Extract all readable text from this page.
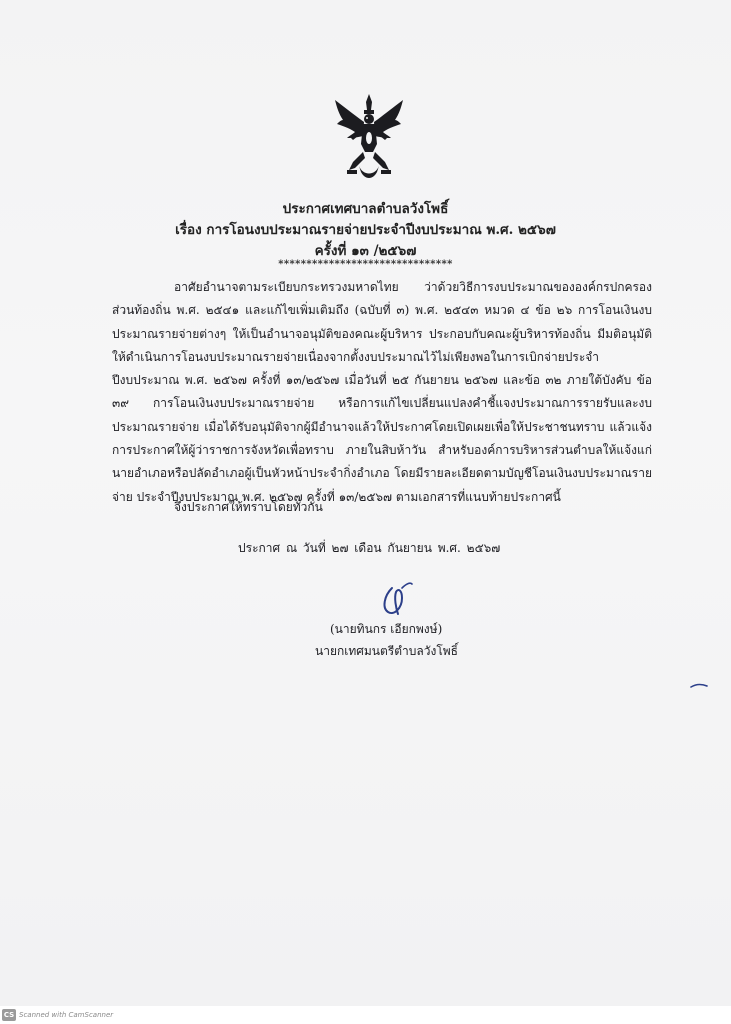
ประกาศเทศบาลตำบลวังโพธิ์
เรื่อง การโอนงบประมาณรายจ่ายประจำปีงบประมาณ พ.ศ. ๒๕๖๗
ครั้งที่ ๑๓ /๒๕๖๗
*******************************
อาศัยอำนาจตามระเบียบกระทรวงมหาดไทย ว่าด้วยวิธีการงบประมาณขององค์กรปกครองส่วนท้องถิ่น พ.ศ. ๒๕๔๑ และแก้ไขเพิ่มเติมถึง (ฉบับที่ ๓) พ.ศ. ๒๕๔๓ หมวด ๔ ข้อ ๒๖ การโอนเงินงบประมาณรายจ่ายต่างๆ ให้เป็นอำนาจอนุมัติของคณะผู้บริหาร ประกอบกับคณะผู้บริหารท้องถิ่น มีมติอนุมัติให้ดำเนินการโอนงบประมาณรายจ่ายเนื่องจากตั้งงบประมาณไว้ไม่เพียงพอในการเบิกจ่ายประจำปีงบประมาณ พ.ศ. ๒๕๖๗ ครั้งที่ ๑๓/๒๕๖๗ เมื่อวันที่ ๒๕ กันยายน ๒๕๖๗ และข้อ ๓๒ ภายใต้บังคับ ข้อ ๓๙ การโอนเงินงบประมาณรายจ่าย หรือการแก้ไขเปลี่ยนแปลงคำชี้แจงประมาณการรายรับและงบประมาณรายจ่าย เมื่อได้รับอนุมัติจากผู้มีอำนาจแล้วให้ประกาศโดยเปิดเผยเพื่อให้ประชาชนทราบ แล้วแจ้งการประกาศให้ผู้ว่าราชการจังหวัดเพื่อทราบ ภายในสิบห้าวัน สำหรับองค์การบริหารส่วนตำบลให้แจ้งแก่นายอำเภอหรือปลัดอำเภอผู้เป็นหัวหน้าประจำกิ่งอำเภอ โดยมีรายละเอียดตามบัญชีโอนเงินงบประมาณรายจ่าย ประจำปีงบประมาณ พ.ศ. ๒๕๖๗ ครั้งที่ ๑๓/๒๕๖๗ ตามเอกสารที่แนบท้ายประกาศนี้
จึงประกาศให้ทราบโดยทั่วกัน
ประกาศ ณ วันที่ ๒๗ เดือน กันยายน พ.ศ. ๒๕๖๗
(นายทินกร เอียกพงษ์)
นายกเทศมนตรีตำบลวังโพธิ์
CS Scanned with CamScanner
